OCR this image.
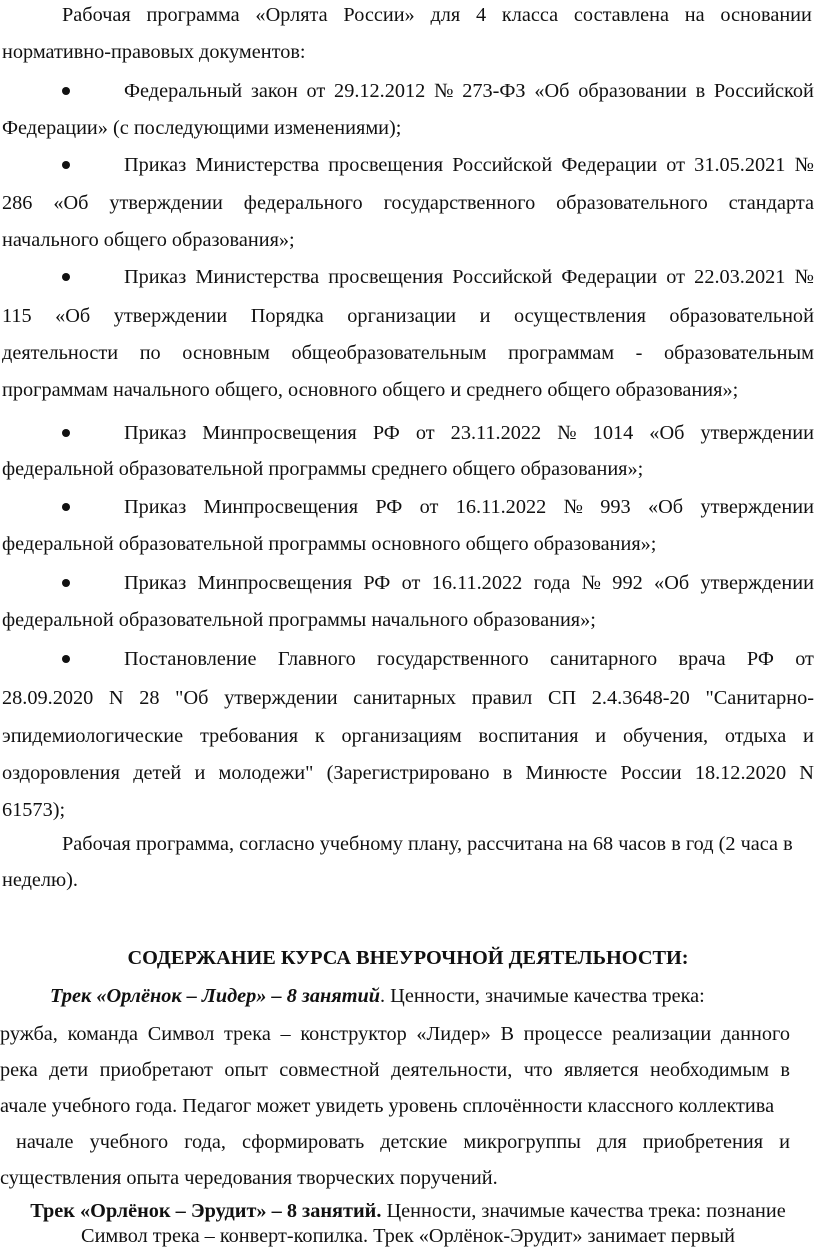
Рабочая программа «Орлята России» для 4 класса составлена на основании
нормативно-правовых документов:
Федеральный закон от 29.12.2012 № 273-ФЗ «Об образовании в Российской
Федерации» (с последующими изменениями);
Приказ Министерства просвещения Российской Федерации от 31.05.2021 №
286 «Об утверждении федерального государственного образовательного стандарта
начального общего образования»;
Приказ Министерства просвещения Российской Федерации от 22.03.2021 №
115 «Об утверждении Порядка организации и осуществления образовательной
деятельности по основным общеобразовательным программам - образовательным
программам начального общего, основного общего и среднего общего образования»;
Приказ Минпросвещения РФ от 23.11.2022 № 1014 «Об утверждении
федеральной образовательной программы среднего общего образования»;
Приказ Минпросвещения РФ от 16.11.2022 № 993 «Об утверждении
федеральной образовательной программы основного общего образования»;
Приказ Минпросвещения РФ от 16.11.2022 года № 992 «Об утверждении
федеральной образовательной программы начального образования»;
Постановление Главного государственного санитарного врача РФ от
28.09.2020 N 28 "Об утверждении санитарных правил СП 2.4.3648-20 "Санитарно-
эпидемиологические требования к организациям воспитания и обучения, отдыха и
оздоровления детей и молодежи" (Зарегистрировано в Минюсте России 18.12.2020 N
61573);
Рабочая программа, согласно учебному плану, рассчитана на 68 часов в год (2 часа в
неделю).
СОДЕРЖАНИЕ КУРСА ВНЕУРОЧНОЙ ДЕЯТЕЛЬНОСТИ:
Трек «Орлёнок – Лидер» – 8 занятий. Ценности, значимые качества трека:
ружба, команда Символ трека – конструктор «Лидер» В процессе реализации данного
река дети приобретают опыт совместной деятельности, что является необходимым в
ачале учебного года. Педагог может увидеть уровень сплочённости классного коллектива
начале учебного года, сформировать детские микрогруппы для приобретения и
существления опыта чередования творческих поручений.
Трек «Орлёнок – Эрудит» – 8 занятий. Ценности, значимые качества трека: познание
Символ трека – конверт-копилка. Трек «Орлёнок-Эрудит» занимает первый
